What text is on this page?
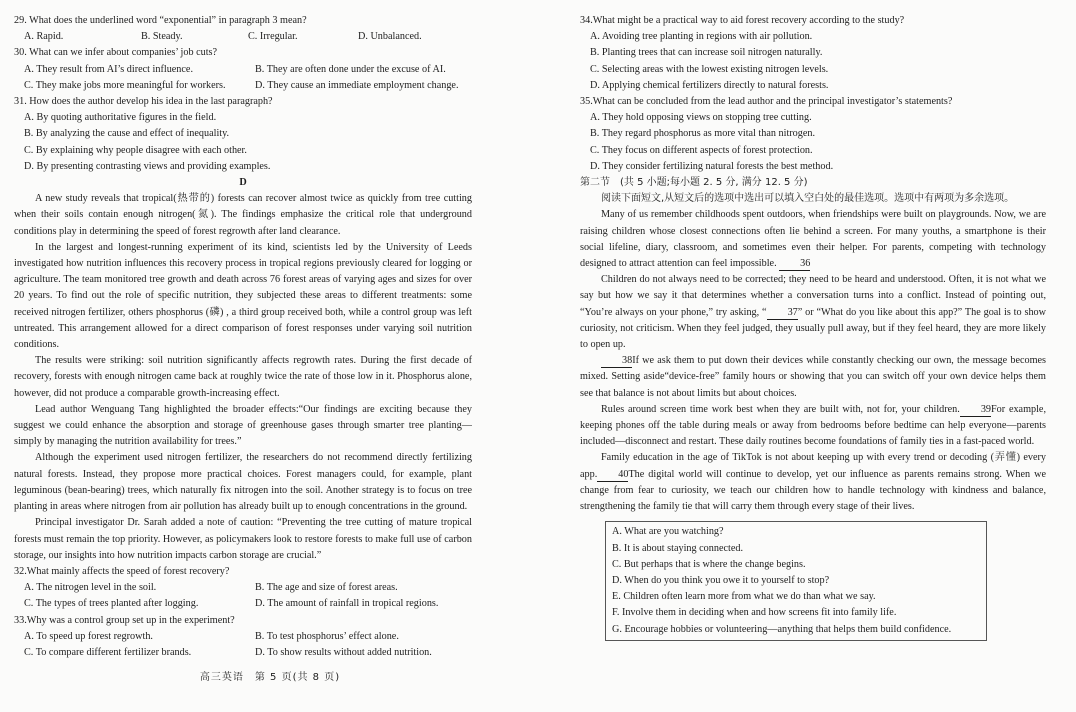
29. What does the underlined word “exponential” in paragraph 3 mean?

A. Rapid.	B. Steady.	C. Irregular.	D. Unbalanced.

30. What can we infer about companies’ job cuts?

A. They result from AI’s direct influence.	B. They are often done under the excuse of AI.
C. They make jobs more meaningful for workers.	D. They cause an immediate employment change.

31. How does the author develop his idea in the last paragraph?

A. By quoting authoritative figures in the field.
B. By analyzing the cause and effect of inequality.
C. By explaining why people disagree with each other.
D. By presenting contrasting views and providing examples.

D

A new study reveals that tropical(热带的) forests can recover almost twice as quickly from tree cutting when their soils contain enough nitrogen(氮). The findings emphasize the critical role that underground conditions play in determining the speed of forest regrowth after land clearance.

In the largest and longest-running experiment of its kind, scientists led by the University of Leeds investigated how nutrition influences this recovery process in tropical regions previously cleared for logging or agriculture. The team monitored tree growth and death across 76 forest areas of varying ages and sizes for over 20 years. To find out the role of specific nutrition, they subjected these areas to different treatments: some received nitrogen fertilizer, others phosphorus (磷) , a third group received both, while a control group was left untreated. This arrangement allowed for a direct comparison of forest responses under varying soil nutrition conditions.

The results were striking: soil nutrition significantly affects regrowth rates. During the first decade of recovery, forests with enough nitrogen came back at roughly twice the rate of those low in it. Phosphorus alone, however, did not produce a comparable growth-increasing effect.

Lead author Wenguang Tang highlighted the broader effects:“Our findings are exciting because they suggest we could enhance the absorption and storage of greenhouse gases through smarter tree planting—simply by managing the nutrition availability for trees.”

Although the experiment used nitrogen fertilizer, the researchers do not recommend directly fertilizing natural forests. Instead, they propose more practical choices. Forest managers could, for example, plant leguminous (bean-bearing) trees, which naturally fix nitrogen into the soil. Another strategy is to focus on tree planting in areas where nitrogen from air pollution has already built up to enough concentrations in the ground.

Principal investigator Dr. Sarah added a note of caution: “Preventing the tree cutting of mature tropical forests must remain the top priority. However, as policymakers look to restore forests to make full use of carbon storage, our insights into how nutrition impacts carbon storage are crucial.”

32.What mainly affects the speed of forest recovery?

A. The nitrogen level in the soil.	B. The age and size of forest areas.
C. The types of trees planted after logging.	D. The amount of rainfall in tropical regions.

33.Why was a control group set up in the experiment?

A. To speed up forest regrowth.	B. To test phosphorus’ effect alone.
C. To compare different fertilizer brands.	D. To show results without added nutrition.
高三英语　第 5 页(共 8 页)

34.What might be a practical way to aid forest recovery according to the study?

A. Avoiding tree planting in regions with air pollution.
B. Planting trees that can increase soil nitrogen naturally.
C. Selecting areas with the lowest existing nitrogen levels.
D. Applying chemical fertilizers directly to natural forests.

35.What can be concluded from the lead author and the principal investigator’s statements?

A. They hold opposing views on stopping tree cutting.
B. They regard phosphorus as more vital than nitrogen.
C. They focus on different aspects of forest protection.
D. They consider fertilizing natural forests the best method.

第二节　(共 5 小题;每小题 2. 5 分, 满分 12. 5 分)

阅读下面短文,从短文后的选项中选出可以填入空白处的最佳选项。选项中有两项为多余选项。

Many of us remember childhoods spent outdoors, when friendships were built on playgrounds. Now, we are raising children whose closest connections often lie behind a screen. For many youths, a smartphone is their social lifeline, diary, classroom, and sometimes even their helper. For parents, competing with technology designed to attract attention can feel impossible. 36

Children do not always need to be corrected; they need to be heard and understood. Often, it is not what we say but how we say it that determines whether a conversation turns into a conflict. Instead of pointing out, “You’re always on your phone,” try asking, “ 37” or “What do you like about this app?” The goal is to show curiosity, not criticism. When they feel judged, they usually pull away, but if they feel heard, they are more likely to open up.

38If we ask them to put down their devices while constantly checking our own, the message becomes mixed. Setting aside“device-free” family hours or showing that you can switch off your own device helps them see that balance is not about limits but about choices.

Rules around screen time work best when they are built with, not for, your children. 39For example, keeping phones off the table during meals or away from bedrooms before bedtime can help everyone—parents included—disconnect and restart. These daily routines become foundations of family ties in a fast-paced world.

Family education in the age of TikTok is not about keeping up with every trend or decoding (弄懂) every app. 40The digital world will continue to develop, yet our influence as parents remains strong. When we change from fear to curiosity, we teach our children how to handle technology with kindness and balance, strengthening the family tie that will carry them through every stage of their lives.

A. What are you watching?
B. It is about staying connected.
C. But perhaps that is where the change begins.
D. When do you think you owe it to yourself to stop?
E. Children often learn more from what we do than what we say.
F. Involve them in deciding when and how screens fit into family life.
G. Encourage hobbies or volunteering—anything that helps them build confidence.
